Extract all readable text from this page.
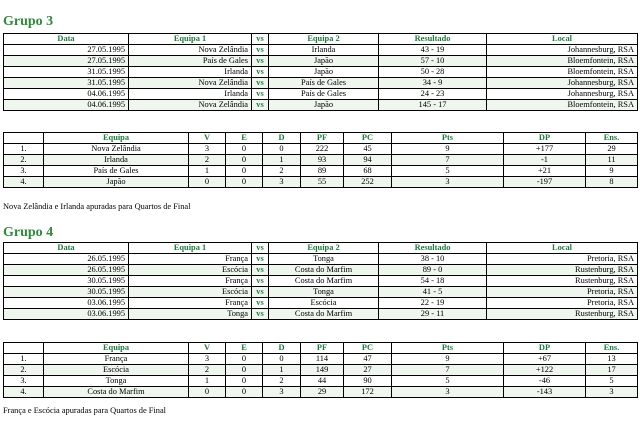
Grupo 3
Data	Equipa 1	vs	Equipa 2	Resultado	Local
27.05.1995	Nova Zelândia	vs	Irlanda	43 - 19	Johannesburg, RSA
27.05.1995	País de Gales	vs	Japão	57 - 10	Bloemfontein, RSA
31.05.1995	Irlanda	vs	Japão	50 - 28	Bloemfontein, RSA
31.05.1995	Nova Zelândia	vs	País de Gales	34 - 9	Johannesburg, RSA
04.06.1995	Irlanda	vs	País de Gales	24 - 23	Johannesburg, RSA
04.06.1995	Nova Zelândia	vs	Japão	145 - 17	Bloemfontein, RSA
	Equipa	V	E	D	PF	PC	Pts	DP	Ens.
1.	Nova Zelândia	3	0	0	222	45	9	+177	29
2.	Irlanda	2	0	1	93	94	7	-1	11
3.	País de Gales	1	0	2	89	68	5	+21	9
4.	Japão	0	0	3	55	252	3	-197	8
Nova Zelândia e Irlanda apuradas para Quartos de Final
Grupo 4
Data	Equipa 1	vs	Equipa 2	Resultado	Local
26.05.1995	França	vs	Tonga	38 - 10	Pretoria, RSA
26.05.1995	Escócia	vs	Costa do Marfim	89 - 0	Rustenburg, RSA
30.05.1995	França	vs	Costa do Marfim	54 - 18	Rustenburg, RSA
30.05.1995	Escócia	vs	Tonga	41 - 5	Pretoria, RSA
03.06.1995	França	vs	Escócia	22 - 19	Pretoria, RSA
03.06.1995	Tonga	vs	Costa do Marfim	29 - 11	Rustenburg, RSA
	Equipa	V	E	D	PF	PC	Pts	DP	Ens.
1.	França	3	0	0	114	47	9	+67	13
2.	Escócia	2	0	1	149	27	7	+122	17
3.	Tonga	1	0	2	44	90	5	-46	5
4.	Costa do Marfim	0	0	3	29	172	3	-143	3
França e Escócia apuradas para Quartos de Final
